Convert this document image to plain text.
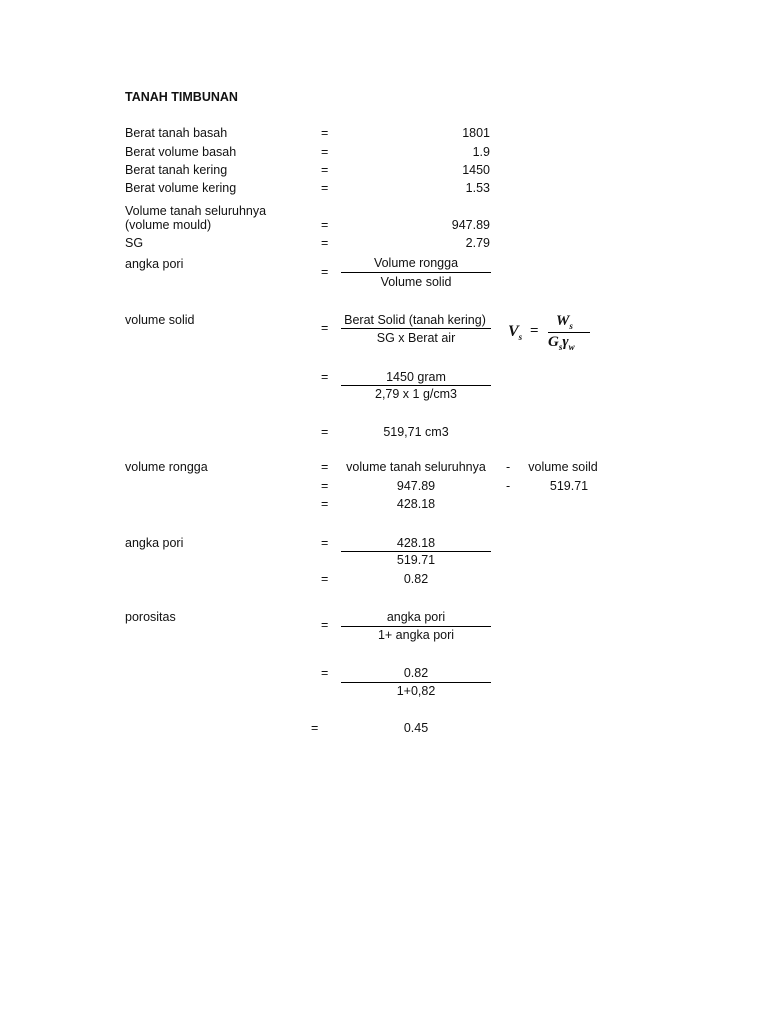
TANAH TIMBUNAN
Berat tanah basah	=	1801
Berat volume basah	=	1.9
Berat tanah kering	=	1450
Berat volume kering	=	1.53
Volume tanah seluruhnya
(volume mould)	=	947.89
SG	=	2.79
angka pori
=
Volume rongga
Volume solid
volume solid
=
Berat Solid (tanah kering)
SG x Berat air	$V_s$ =
$W_s$
$G_s\gamma_w$
=	1450 gram
2,79 x 1 g/cm3
=	519,71 cm3
volume rongga	=	volume tanah seluruhnya	-	volume soild
=	947.89	-	519.71
=	428.18
angka pori	=	428.18
519.71
=	0.82
porositas
=
angka pori
1+ angka pori
=	0.82
1+0,82
=	0.45
